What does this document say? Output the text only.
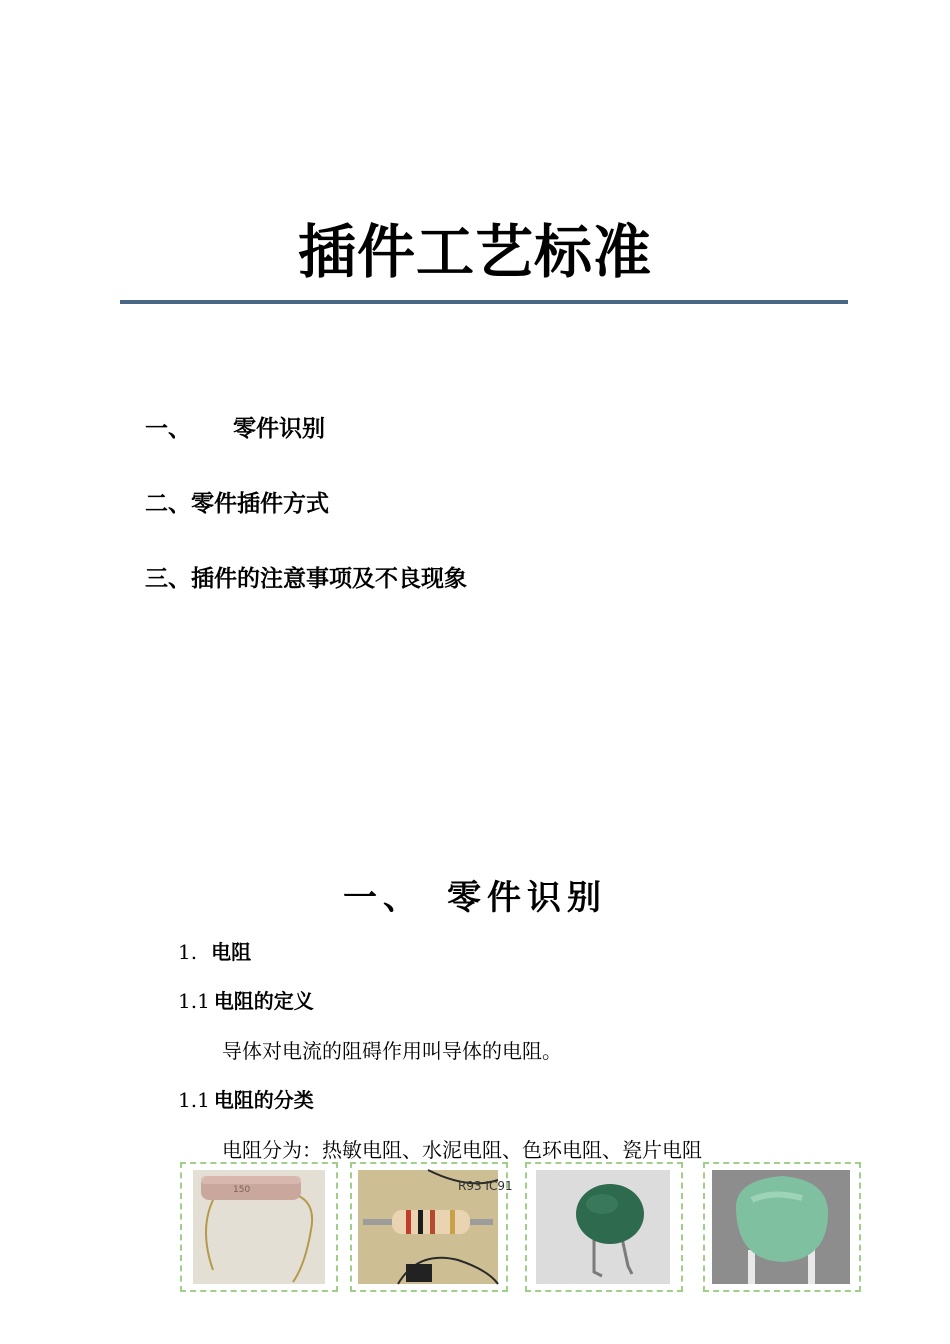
插件工艺标准
一、 零件识别
二、零件插件方式
三、插件的注意事项及不良现象
一、 零件识别
1. 电阻
1.1 电阻的定义
导体对电流的阻碍作用叫导体的电阻。
1.1 电阻的分类
电阻分为：热敏电阻、水泥电阻、色环电阻、瓷片电阻
150	R93 IC91
